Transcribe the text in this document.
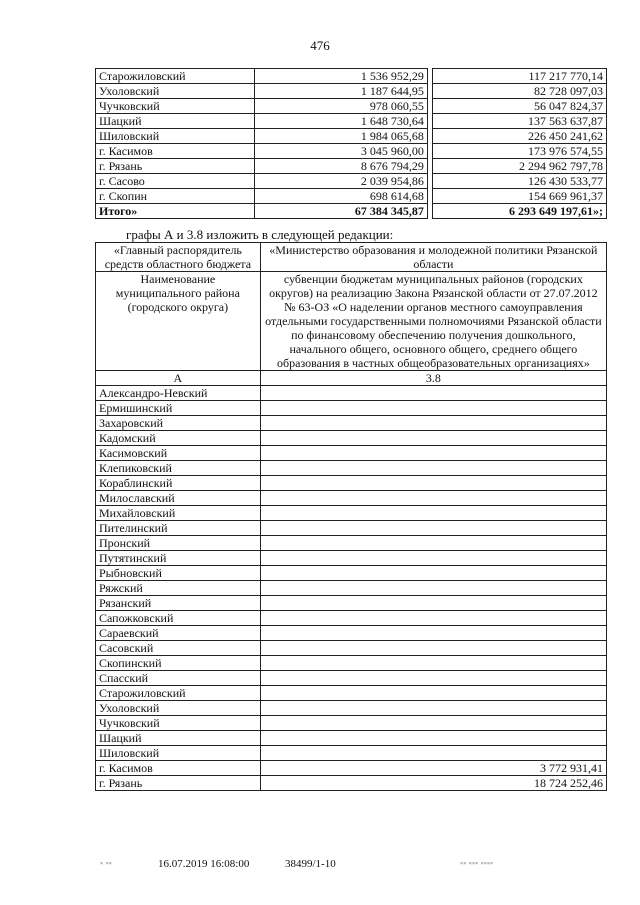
476
Старожиловский	1 536 952,29		117 217 770,14
Ухоловский	1 187 644,95		82 728 097,03
Чучковский	978 060,55		56 047 824,37
Шацкий	1 648 730,64		137 563 637,87
Шиловский	1 984 065,68		226 450 241,62
г. Касимов	3 045 960,00		173 976 574,55
г. Рязань	8 676 794,29		2 294 962 797,78
г. Сасово	2 039 954,86		126 430 533,77
г. Скопин	698 614,68		154 669 961,37
Итого»	67 384 345,87		6 293 649 197,61»;
графы А и 3.8 изложить в следующей редакции:
«Главный распорядитель средств областного бюджета	«Министерство образования и молодежной политики Рязанской области
Наименование муниципального района (городского округа)	субвенции бюджетам муниципальных районов (городских округов) на реализацию Закона Рязанской области от 27.07.2012 № 63-ОЗ «О наделении органов местного самоуправления отдельными государственными полномочиями Рязанской области по финансовому обеспечению получения дошкольного, начального общего, основного общего, среднего общего образования в частных общеобразовательных организациях»
А	3.8
Александро-Невский	
Ермишинский	
Захаровский	
Кадомский	
Касимовский	
Клепиковский	
Кораблинский	
Милославский	
Михайловский	
Пителинский	
Пронский	
Путятинский	
Рыбновский	
Ряжский	
Рязанский	
Сапожковский	
Сараевский	
Сасовский	
Скопинский	
Спасский	
Старожиловский	
Ухоловский	
Чучковский	
Шацкий	
Шиловский	
г. Касимов	3 772 931,41
г. Рязань	18 724 252,46
16.07.2019 16:08:00	38499/1-10
▪ ▪▪	▪▪ ▪▪▪ ▪▪▪▪
